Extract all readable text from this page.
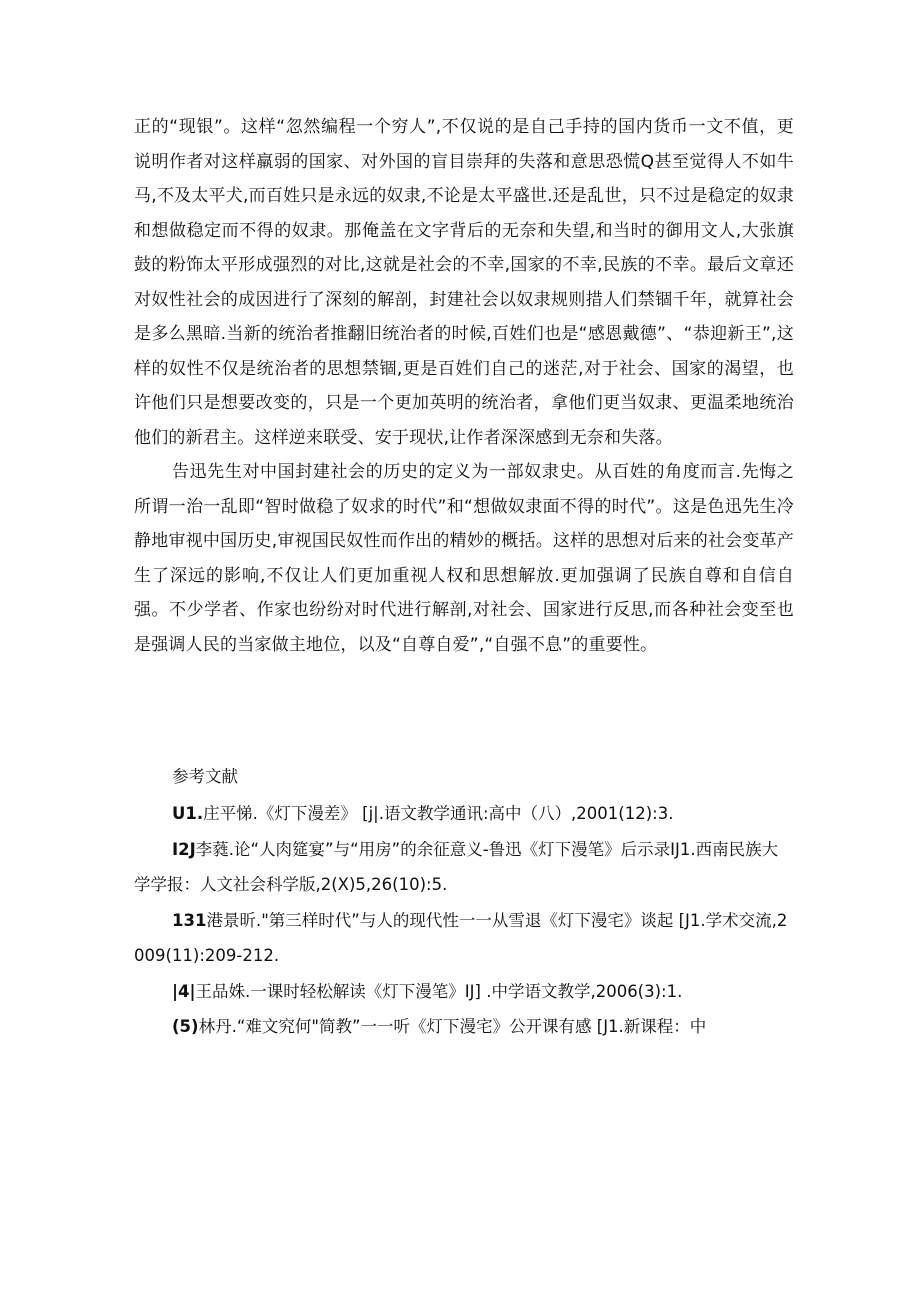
正的“现银”。这样“忽然编程一个穷人”,不仅说的是自己手持的国内货币一文不值，更说明作者对这样羸弱的国家、对外国的盲目崇拜的失落和意思恐慌Q甚至觉得人不如牛马,不及太平犬,而百姓只是永远的奴隶,不论是太平盛世.还是乱世，只不过是稳定的奴隶和想做稳定而不得的奴隶。那俺盖在文字背后的无奈和失望,和当时的御用文人,大张旗鼓的粉饰太平形成强烈的对比,这就是社会的不幸,国家的不幸,民族的不幸。最后文章还对奴性社会的成因进行了深刻的解剖，封建社会以奴隶规则措人们禁锢千年，就算社会是多么黑暗.当新的统治者推翻旧统治者的时候,百姓们也是“感恩戴德”、“恭迎新王”,这样的奴性不仅是统治者的思想禁锢,更是百姓们自己的迷茫,对于社会、国家的渴望，也许他们只是想要改变的，只是一个更加英明的统治者，拿他们更当奴隶、更温柔地统治他们的新君主。这样逆来联受、安于现状,让作者深深感到无奈和失落。

告迅先生对中国封建社会的历史的定义为一部奴隶史。从百姓的角度而言.先悔之所谓一治一乱即“智时做稳了奴求的时代”和“想做奴隶面不得的时代”。这是色迅先生冷静地审视中国历史,审视国民奴性而作出的精妙的概括。这样的思想对后来的社会变革产生了深远的影响,不仅让人们更加重视人权和思想解放.更加强调了民族自尊和自信自强。不少学者、作家也纷纷对时代进行解剖,对社会、国家进行反思,而各种社会变至也是强调人民的当家做主地位，以及“自尊自爱”,“自强不息”的重要性。

参考文献

U1.庄平悌.《灯下漫差》 [j|.语文教学通讯:高中（八）,2001(12):3.

I2J李蕤.论“人肉筵宴”与“用房”的余征意义-鲁迅《灯下漫笔》后示录IJ1.西南民族大学学报：人文社会科学版,2(X)5,26(10):5.

131港景昕."第三样时代”与人的现代性一一从雪退《灯下漫宅》谈起 [J1.学术交流,2009(11):209-212.

|4|王品姝.一课时轻松解读《灯下漫笔》IJ] .中学语文教学,2006(3):1.

(5)林丹.“难文究何"简教”一一听《灯下漫宅》公开课有感 [J1.新课程：中
